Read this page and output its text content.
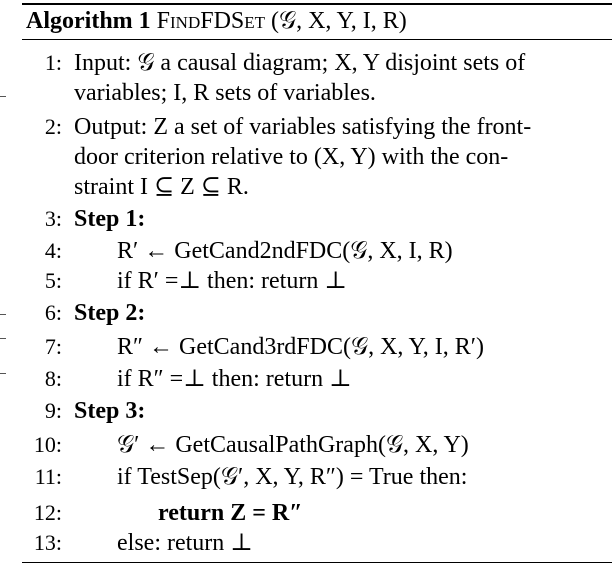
Algorithm 1 FindFDSet (𝒢, X, Y, I, R)
1: Input: 𝒢 a causal diagram; X, Y disjoint sets of
variables; I, R sets of variables.
2: Output: Z a set of variables satisfying the front-
door criterion relative to (X, Y) with the con-
straint I ⊆ Z ⊆ R.
3: Step 1:
4: R′ ← GetCand2ndFDC(𝒢, X, I, R)
5: if R′ =⊥ then: return ⊥
6: Step 2:
7: R″ ← GetCand3rdFDC(𝒢, X, Y, I, R′)
8: if R″ =⊥ then: return ⊥
9: Step 3:
10: 𝒢′ ← GetCausalPathGraph(𝒢, X, Y)
11: if TestSep(𝒢′, X, Y, R″) = True then:
12:	return Z = R″
13: else: return ⊥
